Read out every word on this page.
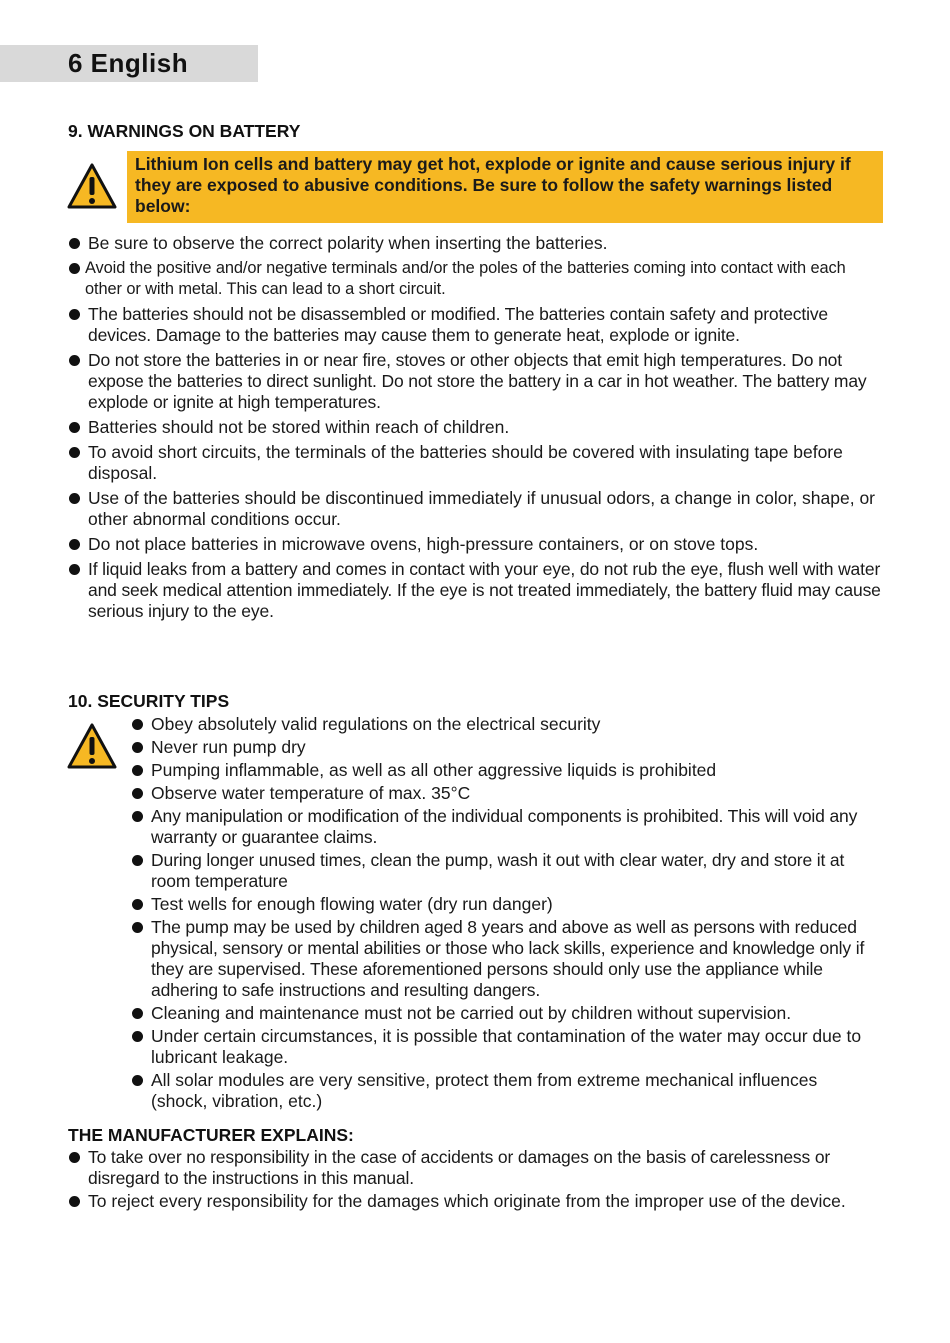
6 English
9. WARNINGS ON BATTERY

Lithium Ion cells and battery may get hot, explode or ignite and cause serious injury if they are exposed to abusive conditions. Be sure to follow the safety warnings listed below:

Be sure to observe the correct polarity when inserting the batteries.
Avoid the positive and/or negative terminals and/or the poles of the batteries coming into contact with each other or with metal. This can lead to a short circuit.
The batteries should not be disassembled or modified. The batteries contain safety and protective devices. Damage to the batteries may cause them to generate heat, explode or ignite.
Do not store the batteries in or near fire, stoves or other objects that emit high temperatures. Do not expose the batteries to direct sunlight. Do not store the battery in a car in hot weather. The battery may explode or ignite at high temperatures.
Batteries should not be stored within reach of children.
To avoid short circuits, the terminals of the batteries should be covered with insulating tape before disposal.
Use of the batteries should be discontinued immediately if unusual odors, a change in color, shape, or other abnormal conditions occur.
Do not place batteries in microwave ovens, high-pressure containers, or on stove tops.
If liquid leaks from a battery and comes in contact with your eye, do not rub the eye, flush well with water and seek medical attention immediately. If the eye is not treated immediately, the battery fluid may cause serious injury to the eye.
10. SECURITY TIPS
Obey absolutely valid regulations on the electrical security
Never run pump dry
Pumping inflammable, as well as all other aggressive liquids is prohibited
Observe water temperature of max. 35°C
Any manipulation or modification of the individual components is prohibited. This will void any warranty or guarantee claims.
During longer unused times, clean the pump, wash it out with clear water, dry and store it at room temperature
Test wells for enough flowing water (dry run danger)
The pump may be used by children aged 8 years and above as well as persons with reduced physical, sensory or mental abilities or those who lack skills, experience and knowledge only if they are supervised. These aforementioned persons should only use the appliance while adhering to safe instructions and resulting dangers.
Cleaning and maintenance must not be carried out by children without supervision.
Under certain circumstances, it is possible that contamination of the water may occur due to lubricant leakage.
All solar modules are very sensitive, protect them from extreme mechanical influences (shock, vibration, etc.)
THE MANUFACTURER EXPLAINS:
To take over no responsibility in the case of accidents or damages on the basis of carelessness or disregard to the instructions in this manual.
To reject every responsibility for the damages which originate from the improper use of the device.
